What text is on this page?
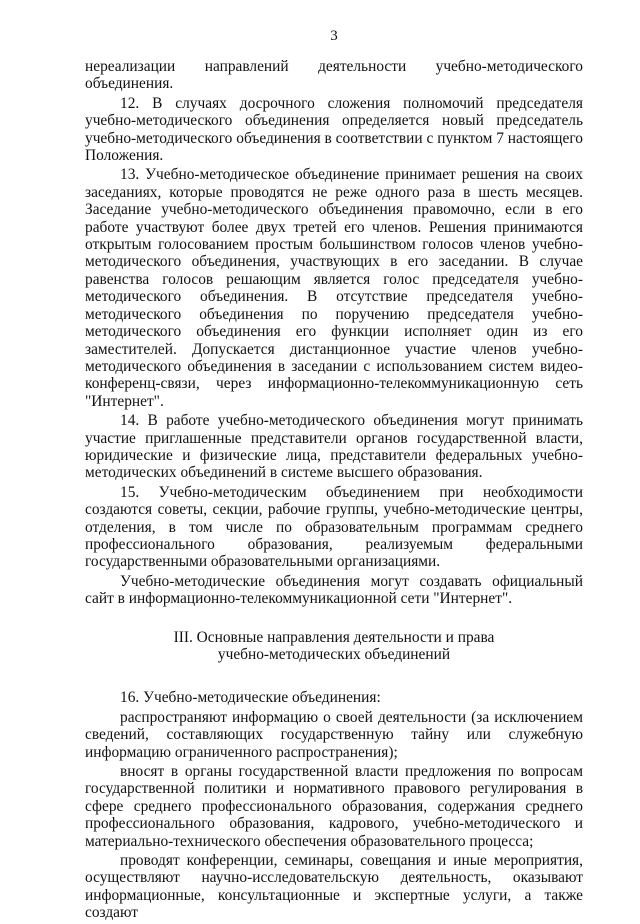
3

нереализации направлений деятельности учебно-методического объединения.

12. В случаях досрочного сложения полномочий председателя учебно-методического объединения определяется новый председатель учебно-методического объединения в соответствии с пунктом 7 настоящего Положения.

13. Учебно-методическое объединение принимает решения на своих заседаниях, которые проводятся не реже одного раза в шесть месяцев. Заседание учебно-методического объединения правомочно, если в его работе участвуют более двух третей его членов. Решения принимаются открытым голосованием простым большинством голосов членов учебно-методического объединения, участвующих в его заседании. В случае равенства голосов решающим является голос председателя учебно-методического объединения. В отсутствие председателя учебно-методического объединения по поручению председателя учебно-методического объединения его функции исполняет один из его заместителей. Допускается дистанционное участие членов учебно-методического объединения в заседании с использованием систем видео-конференц-связи, через информационно-телекоммуникационную сеть "Интернет".

14. В работе учебно-методического объединения могут принимать участие приглашенные представители органов государственной власти, юридические и физические лица, представители федеральных учебно-методических объединений в системе высшего образования.

15. Учебно-методическим объединением при необходимости создаются советы, секции, рабочие группы, учебно-методические центры, отделения, в том числе по образовательным программам среднего профессионального образования, реализуемым федеральными государственными образовательными организациями.

Учебно-методические объединения могут создавать официальный сайт в информационно-телекоммуникационной сети "Интернет".

III. Основные направления деятельности и права
учебно-методических объединений

16. Учебно-методические объединения:

распространяют информацию о своей деятельности (за исключением сведений, составляющих государственную тайну или служебную информацию ограниченного распространения);

вносят в органы государственной власти предложения по вопросам государственной политики и нормативного правового регулирования в сфере среднего профессионального образования, содержания среднего профессионального образования, кадрового, учебно-методического и материально-технического обеспечения образовательного процесса;

проводят конференции, семинары, совещания и иные мероприятия, осуществляют научно-исследовательскую деятельность, оказывают информационные, консультационные и экспертные услуги, а также создают
